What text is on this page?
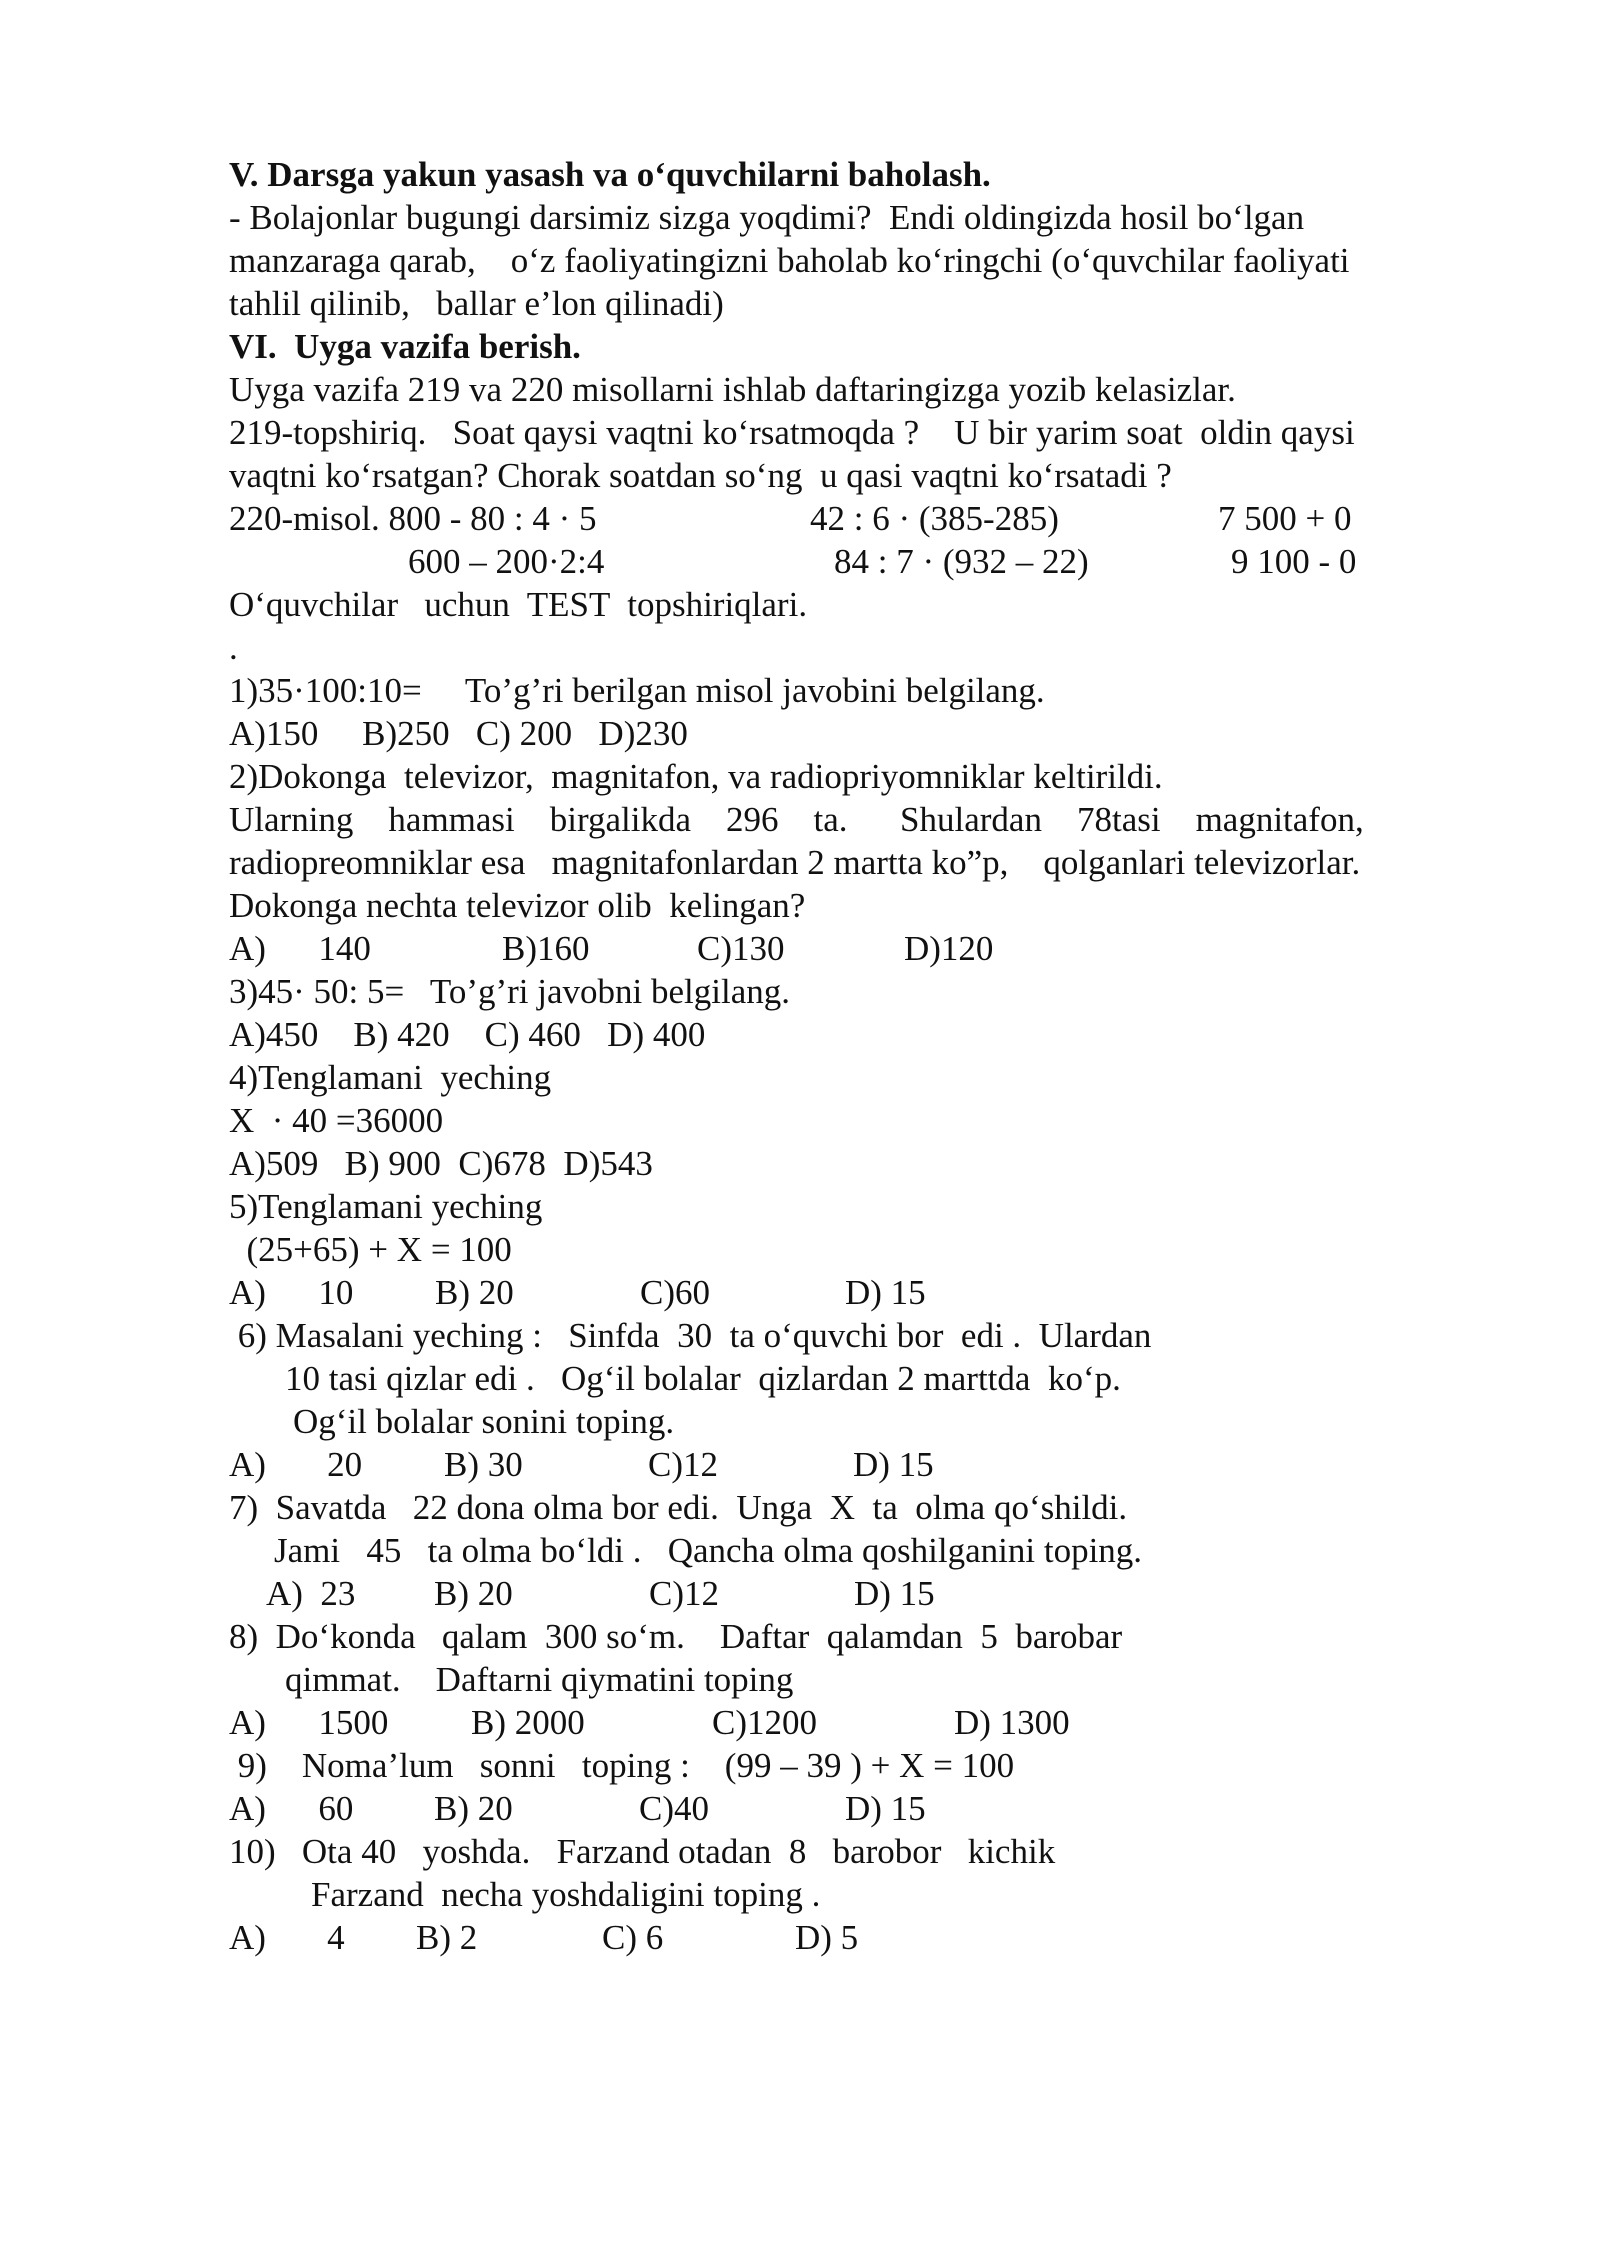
V. Darsga yakun yasash va o‘quvchilarni baholash.
- Bolajonlar bugungi darsimiz sizga yoqdimi?  Endi oldingizda hosil bo‘lgan
manzaraga qarab,    o‘z faoliyatingizni baholab ko‘ringchi (o‘quvchilar faoliyati
tahlil qilinib,   ballar e’lon qilinadi)
VI.  Uyga vazifa berish.
Uyga vazifa 219 va 220 misollarni ishlab daftaringizga yozib kelasizlar.
219-topshiriq.   Soat qaysi vaqtni ko‘rsatmoqda ?    U bir yarim soat  oldin qaysi
vaqtni ko‘rsatgan? Chorak soatdan so‘ng  u qasi vaqtni ko‘rsatadi ?
220-misol. 800 - 80 : 4 · 5	42 : 6 · (385-285)	7 500 + 0
600 – 200·2:4	84 : 7 · (932 – 22)	9 100 - 0
O‘quvchilar   uchun  TEST  topshiriqlari.
.
1)35·100:10=     To’g’ri berilgan misol javobini belgilang.
A)150     B)250   C) 200   D)230
2)Dokonga  televizor,  magnitafon, va radiopriyomniklar keltirildi.
Ularning    hammasi    birgalikda    296    ta.      Shulardan    78tasi    magnitafon,
radiopreomniklar esa   magnitafonlardan 2 martta ko”p,    qolganlari televizorlar.
Dokonga nechta televizor olib  kelingan?
A)      140	B)160	C)130	D)120
3)45· 50: 5=   To’g’ri javobni belgilang.
A)450    B) 420    C) 460   D) 400
4)Tenglamani  yeching
X  · 40 =36000
A)509   B) 900  C)678  D)543
5)Tenglamani yeching
(25+65) + X = 100
A)      10 B) 20	C)60	D) 15
6) Masalani yeching :   Sinfda  30  ta o‘quvchi bor  edi .  Ulardan
10 tasi qizlar edi .   Og‘il bolalar  qizlardan 2 marttda  ko‘p.
Og‘il bolalar sonini toping.
A)       20 B) 30	C)12	D) 15
7)  Savatda   22 dona olma bor edi.  Unga  X  ta  olma qo‘shildi.
Jami   45   ta olma bo‘ldi .   Qancha olma qoshilganini toping.
A)  23 B) 20	C)12	D) 15
8)  Do‘konda   qalam  300 so‘m.    Daftar  qalamdan  5  barobar
qimmat.    Daftarni qiymatini toping
A)      1500 B) 2000	C)1200	D) 1300
9)    Noma’lum   sonni   toping :    (99 – 39 ) + X = 100
A)      60 B) 20	C)40	D) 15
10)   Ota 40   yoshda.   Farzand otadan  8   barobor   kichik
Farzand  necha yoshdaligini toping .
A)       4 B) 2	C) 6	D) 5
